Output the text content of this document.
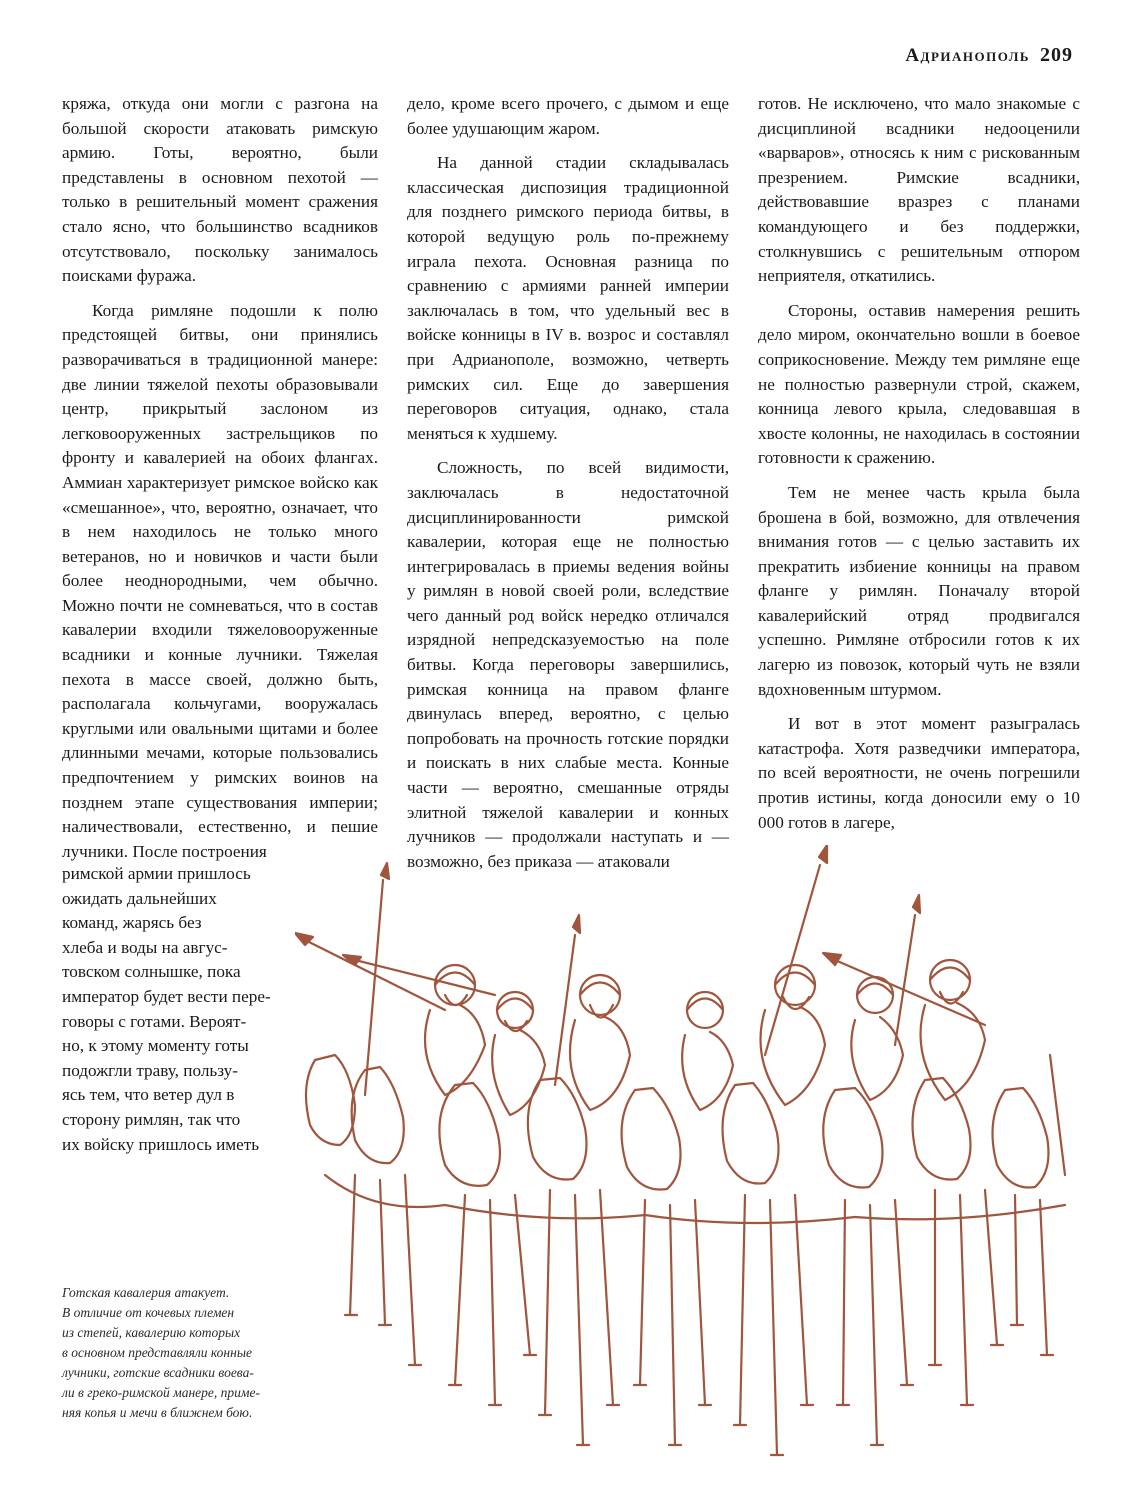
Адрианополь 209

кряжа, откуда они могли с разгона на большой скорости атаковать римскую армию. Готы, вероятно, были представлены в основном пехотой — только в решительный момент сражения стало ясно, что большинство всадников отсутствовало, поскольку занималось поисками фуража.

Когда римляне подошли к полю предстоящей битвы, они принялись разворачиваться в традиционной манере: две линии тяжелой пехоты образовывали центр, прикрытый заслоном из легковооруженных застрельщиков по фронту и кавалерией на обоих флангах. Аммиан характеризует римское войско как «смешанное», что, вероятно, означает, что в нем находилось не только много ветеранов, но и новичков и части были более неоднородными, чем обычно. Можно почти не сомневаться, что в состав кавалерии входили тяжеловооруженные всадники и конные лучники. Тяжелая пехота в массе своей, должно быть, располагала кольчугами, вооружалась круглыми или овальными щитами и более длинными мечами, которые пользовались предпочтением у римских воинов на позднем этапе существования империи; наличествовали, естественно, и пешие лучники. После построения

римской армии пришлось
ожидать дальнейших
команд, жарясь без
хлеба и воды на авгус-
товском солнышке, пока
император будет вести пере-
говоры с готами. Вероят-
но, к этому моменту готы
подожгли траву, пользу-
ясь тем, что ветер дул в
сторону римлян, так что
их войску пришлось иметь

дело, кроме всего прочего, с дымом и еще более удушающим жаром.

На данной стадии складывалась классическая диспозиция традиционной для позднего римского периода битвы, в которой ведущую роль по-прежнему играла пехота. Основная разница по сравнению с армиями ранней империи заключалась в том, что удельный вес в войске конницы в IV в. возрос и составлял при Адрианополе, возможно, четверть римских сил. Еще до завершения переговоров ситуация, однако, стала меняться к худшему.

Сложность, по всей видимости, заключалась в недостаточной дисциплинированности римской кавалерии, которая еще не полностью интегрировалась в приемы ведения войны у римлян в новой своей роли, вследствие чего данный род войск нередко отличался изрядной непредсказуемостью на поле битвы. Когда переговоры завершились, римская конница на правом фланге двинулась вперед, вероятно, с целью попробовать на прочность готские порядки и поискать в них слабые места. Конные части — вероятно, смешанные отряды элитной тяжелой кавалерии и конных лучников — продолжали наступать и — возможно, без приказа — атаковали

готов. Не исключено, что мало знакомые с дисциплиной всадники недооценили «варваров», относясь к ним с рискованным презрением. Римские всадники, действовавшие вразрез с планами командующего и без поддержки, столкнувшись с решительным отпором неприятеля, откатились.

Стороны, оставив намерения решить дело миром, окончательно вошли в боевое соприкосновение. Между тем римляне еще не полностью развернули строй, скажем, конница левого крыла, следовавшая в хвосте колонны, не находилась в состоянии готовности к сражению.

Тем не менее часть крыла была брошена в бой, возможно, для отвлечения внимания готов — с целью заставить их прекратить избиение конницы на правом фланге у римлян. Поначалу второй кавалерийский отряд продвигался успешно. Римляне отбросили готов к их лагерю из повозок, который чуть не взяли вдохновенным штурмом.

И вот в этот момент разыгралась катастрофа. Хотя разведчики императора, по всей вероятности, не очень погрешили против истины, когда доносили ему о 10 000 готов в лагере,

Готская кавалерия атакует.
В отличие от кочевых племен
из степей, кавалерию которых
в основном представляли конные
лучники, готские всадники воева-
ли в греко-римской манере, приме-
няя копья и мечи в ближнем бою.
